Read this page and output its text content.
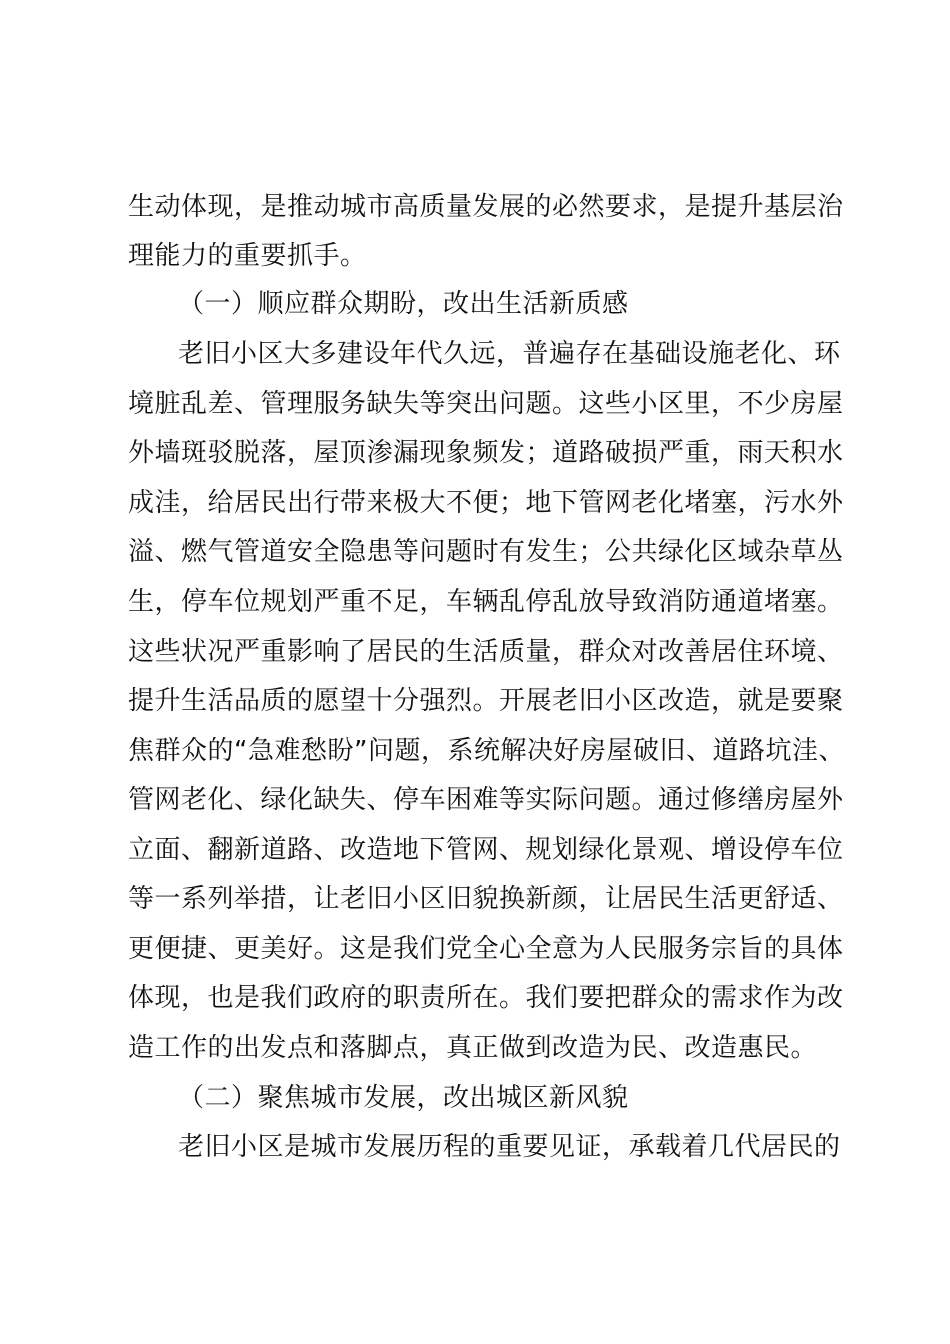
生动体现，是推动城市高质量发展的必然要求，是提升基层治
理能力的重要抓手。
（一）顺应群众期盼，改出生活新质感
老旧小区大多建设年代久远，普遍存在基础设施老化、环
境脏乱差、管理服务缺失等突出问题。这些小区里，不少房屋
外墙斑驳脱落，屋顶渗漏现象频发；道路破损严重，雨天积水
成洼，给居民出行带来极大不便；地下管网老化堵塞，污水外
溢、燃气管道安全隐患等问题时有发生；公共绿化区域杂草丛
生，停车位规划严重不足，车辆乱停乱放导致消防通道堵塞。
这些状况严重影响了居民的生活质量，群众对改善居住环境、
提升生活品质的愿望十分强烈。开展老旧小区改造，就是要聚
焦群众的“急难愁盼”问题，系统解决好房屋破旧、道路坑洼、
管网老化、绿化缺失、停车困难等实际问题。通过修缮房屋外
立面、翻新道路、改造地下管网、规划绿化景观、增设停车位
等一系列举措，让老旧小区旧貌换新颜，让居民生活更舒适、
更便捷、更美好。这是我们党全心全意为人民服务宗旨的具体
体现，也是我们政府的职责所在。我们要把群众的需求作为改
造工作的出发点和落脚点，真正做到改造为民、改造惠民。
（二）聚焦城市发展，改出城区新风貌
老旧小区是城市发展历程的重要见证，承载着几代居民的
